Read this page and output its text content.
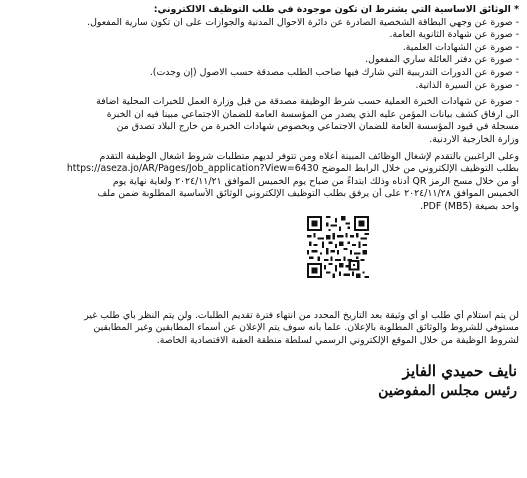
* الوثائق الاساسية التي يشترط ان تكون موجودة في طلب التوظيف الالكتروني:
- صورة عن وجهي البطاقة الشخصية الصادرة عن دائرة الاحوال المدنية والجوازات على ان تكون سارية المفعول.
- صورة عن شهادة الثانوية العامة.
- صورة عن الشهادات العلمية.
- صورة عن دفتر العائلة ساري المفعول.
- صورة عن الدورات التدريبية التي شارك فيها صاحب الطلب مصدقة حسب الاصول (إن وجدت).
- صورة عن السيرة الذاتية.
- صورة عن شهادات الخبرة العملية حسب شرط الوظيفة مصدقة من قبل وزارة العمل للخبرات المحلية اضافة
الى ارفاق كشف بيانات المؤمن عليه الذي يصدر من المؤسسة العامة للضمان الاجتماعي مبينا فيه ان الخبرة
مسجلة في قيود المؤسسة العامة للضمان الاجتماعي وبخصوص شهادات الخبرة من خارج البلاد تصدق من
وزارة الخارجية الاردنية.
وعلى الراغبين بالتقدم لإشغال الوظائف المبينة أعلاه ومن تتوفر لديهم متطلبات شروط اشغال الوظيفة التقدم
بطلب التوظيف الإلكتروني من خلال الرابط الموضح https://aseza.jo/AR/Pages/Job_application?View=6430
أو من خلال مسح الرمز QR أدناه وذلك ابتداءً من صباح يوم الخميس الموافق ٢٠٢٤/١١/٢١ ولغاية نهاية يوم
الخميس الموافق ٢٠٢٤/١١/٢٨ على أن يرفق بطلب التوظيف الإلكتروني الوثائق الأساسية المطلوبة ضمن ملف
واحد بصيغة (PDF (MB5.
لن يتم استلام أي طلب او أي وثيقة بعد التاريخ المحدد من انتهاء فترة تقديم الطلبات. ولن يتم النظر بأي طلب غير
مستوفي للشروط والوثائق المطلوبة بالإعلان. علماً بأنه سوف يتم الإعلان عن أسماء المطابقين وغير المطابقين
لشروط الوظيفة من خلال الموقع الإلكتروني الرسمي لسلطة منطقة العقبة الاقتصادية الخاصة.
نايف حميدي الفايز
رئيس مجلس المفوضين
